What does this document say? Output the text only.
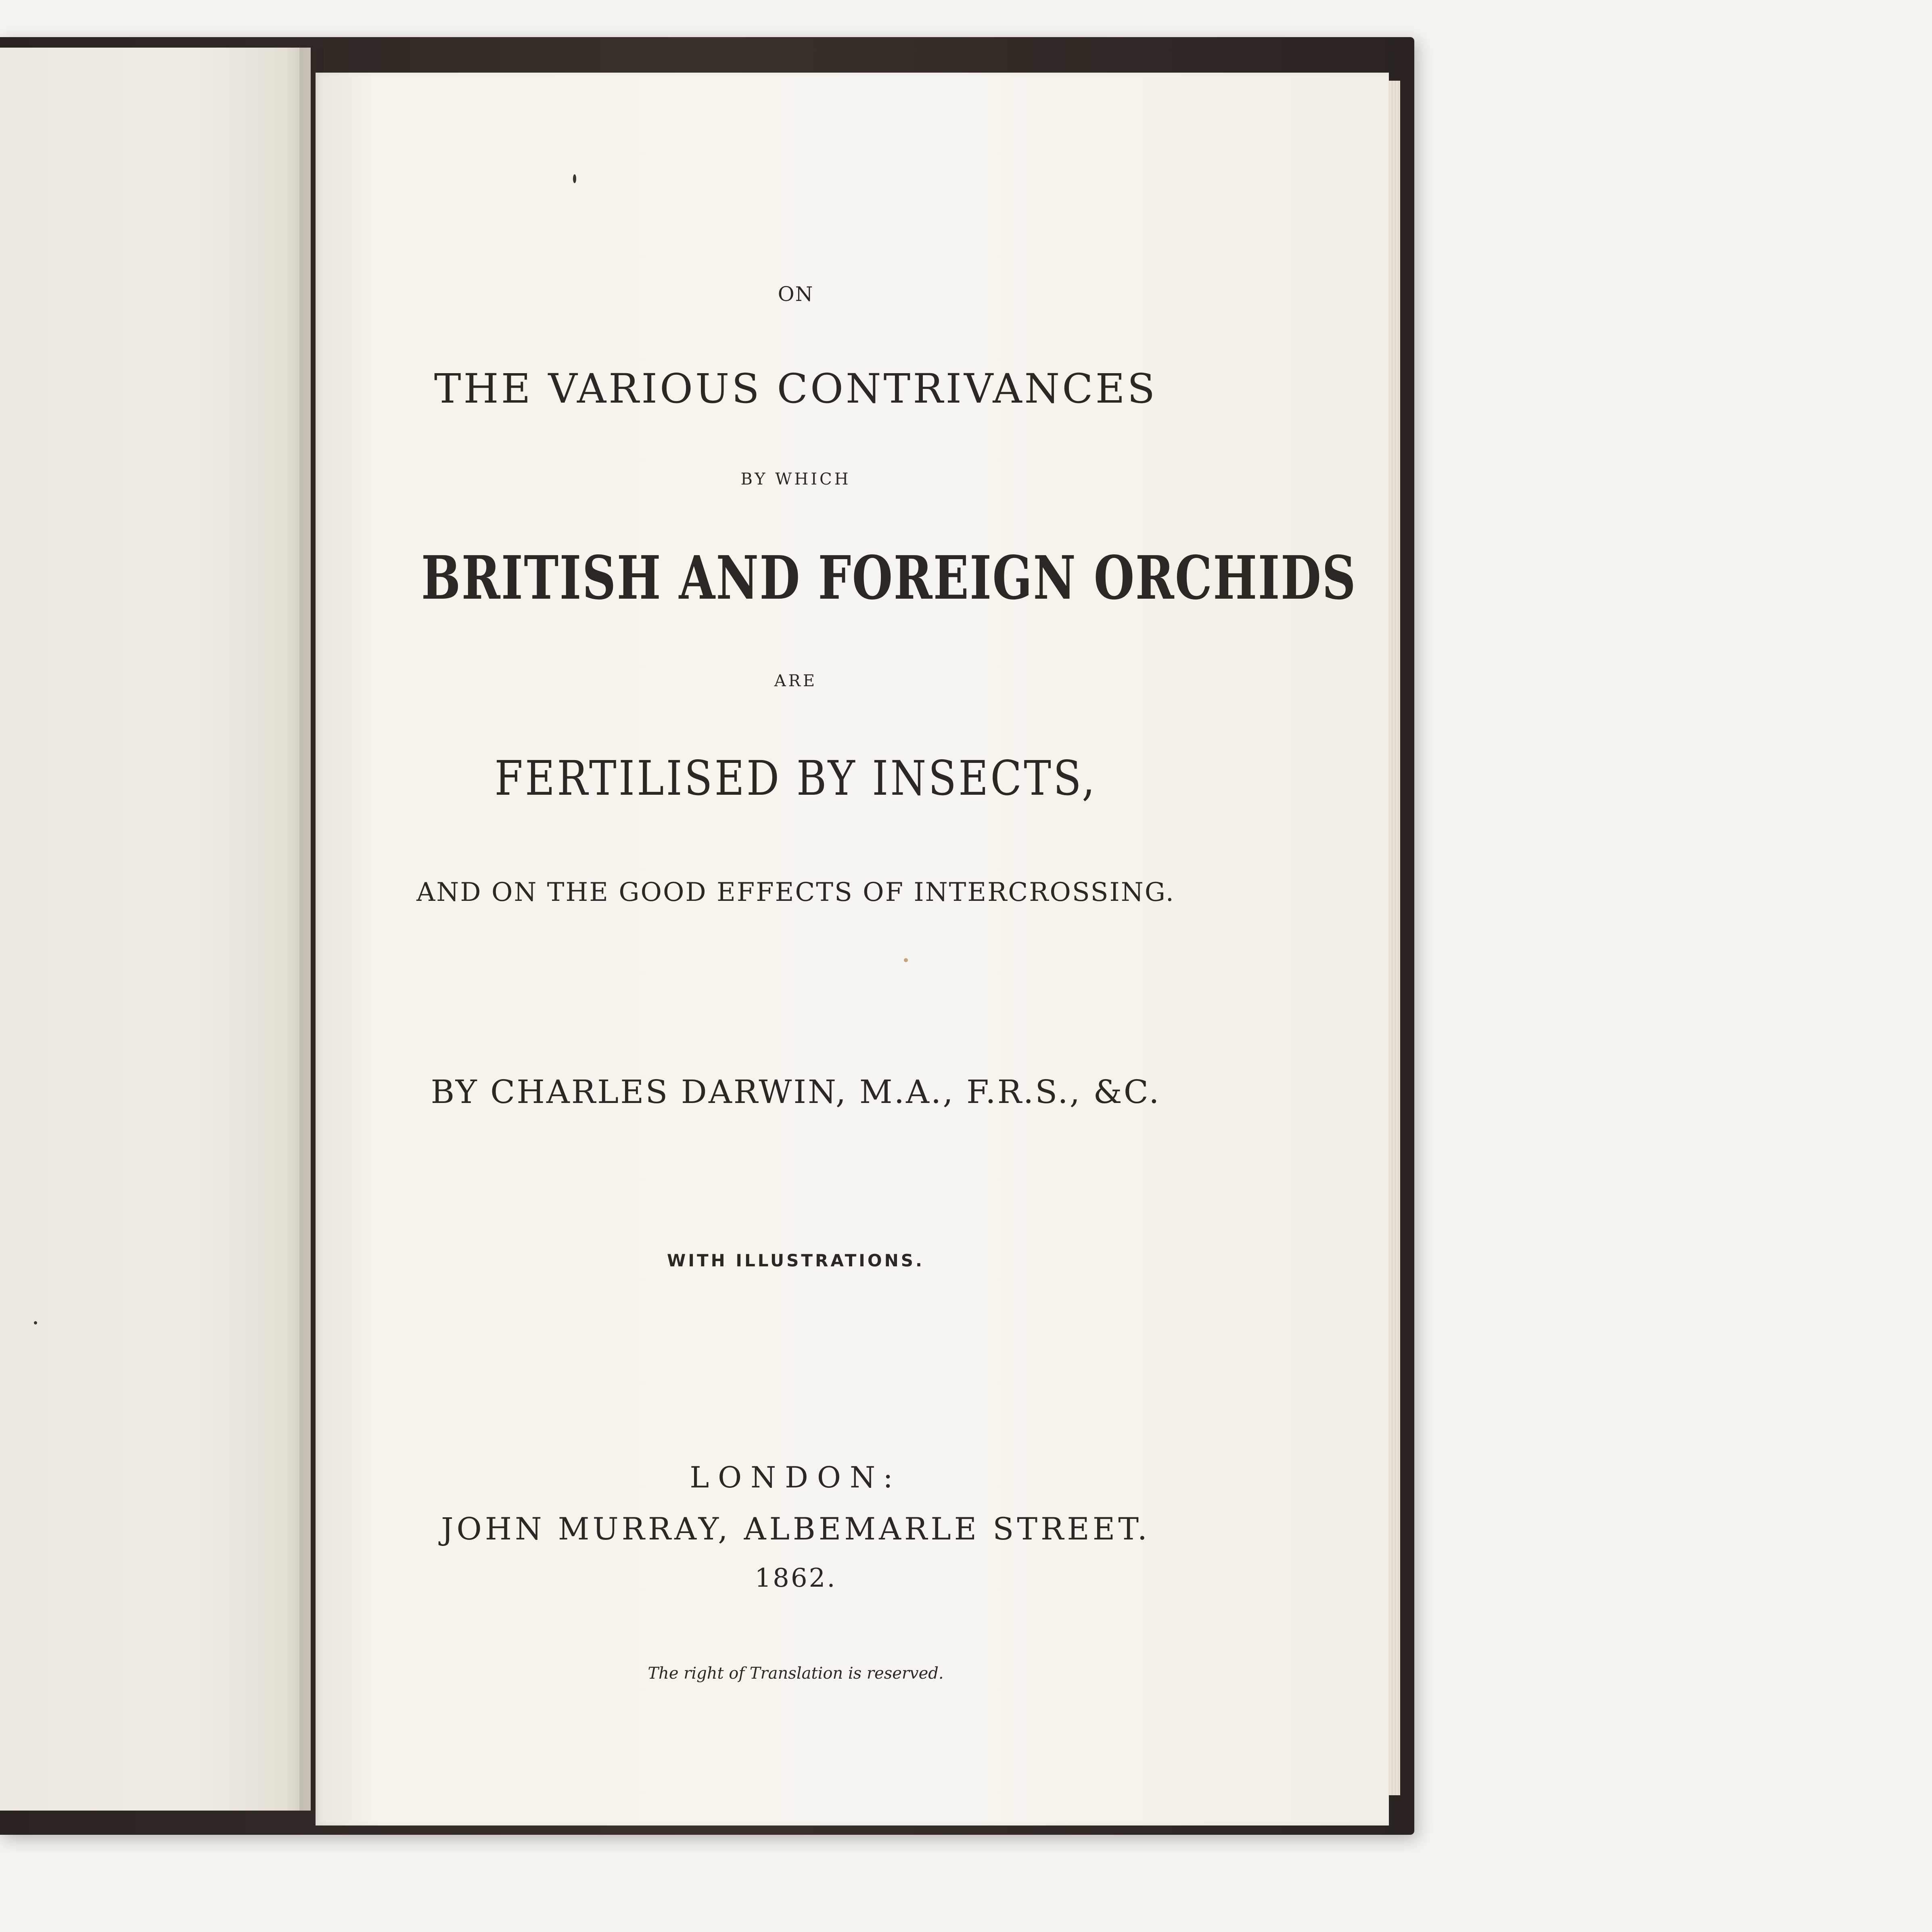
ON
THE VARIOUS CONTRIVANCES
BY WHICH
BRITISH AND FOREIGN ORCHIDS
ARE
FERTILISED BY INSECTS,
AND ON THE GOOD EFFECTS OF INTERCROSSING.
BY CHARLES DARWIN, M.A., F.R.S., &C.
WITH ILLUSTRATIONS.
LONDON:
JOHN MURRAY, ALBEMARLE STREET.
1862.
The right of Translation is reserved.
